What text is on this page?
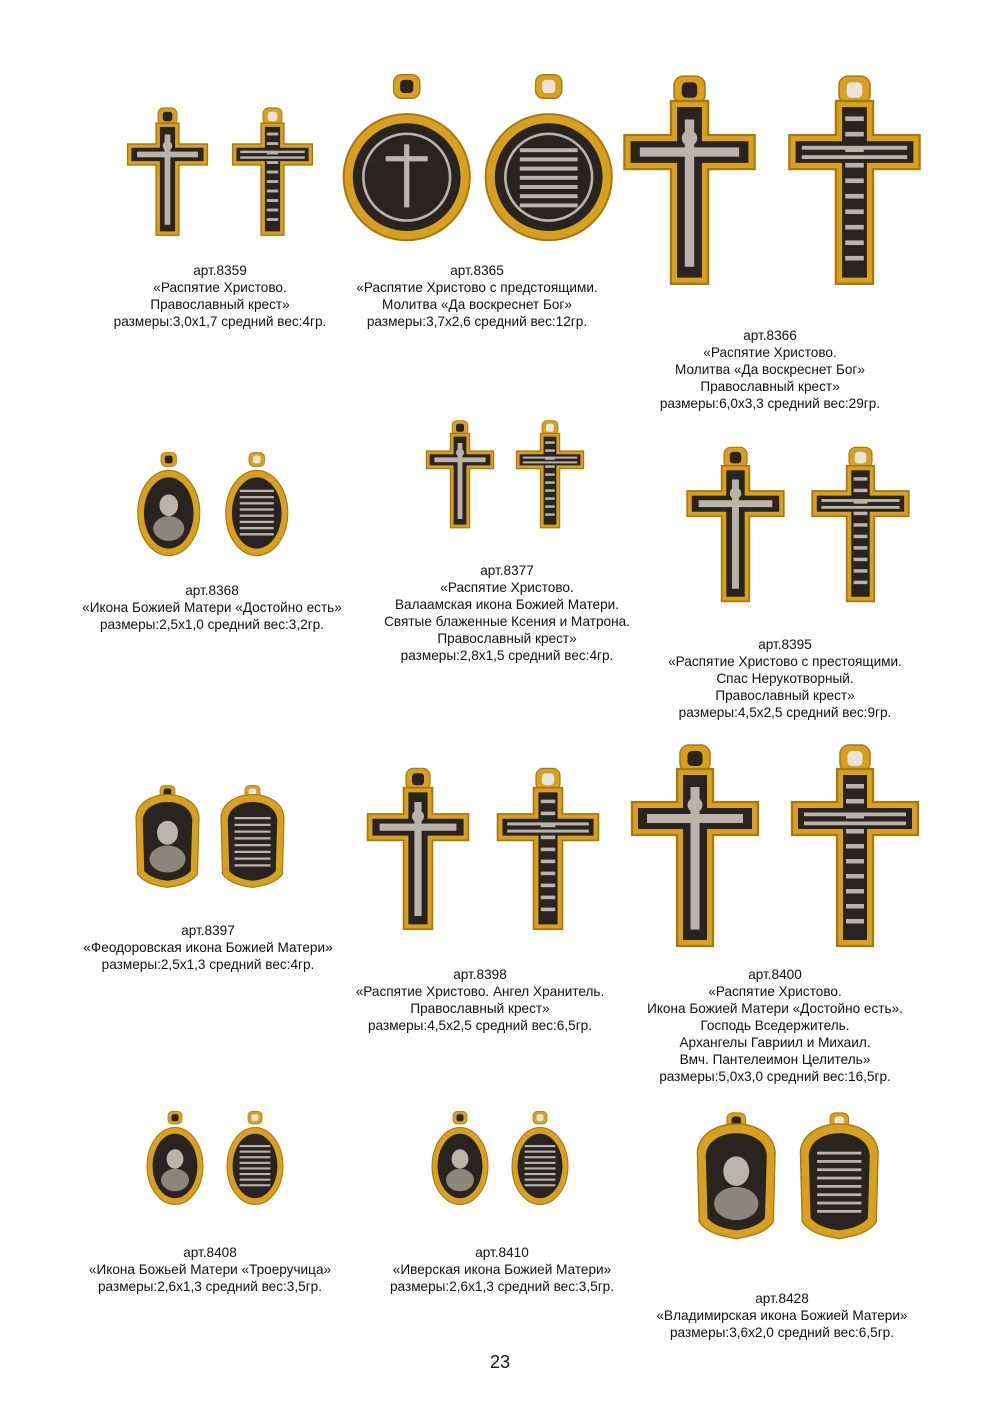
арт.8359
«Распятие Христово.
Православный крест»
размеры:3,0х1,7 средний вес:4гр.
арт.8365
«Распятие Христово с предстоящими.
Молитва «Да воскреснет Бог»
размеры:3,7х2,6 средний вес:12гр.
арт.8366
«Распятие Христово.
Молитва «Да воскреснет Бог»
Православный крест»
размеры:6,0х3,3 средний вес:29гр.
арт.8368
«Икона Божией Матери «Достойно есть»
размеры:2,5х1,0 средний вес:3,2гр.
арт.8377
«Распятие Христово.
Валаамская икона Божией Матери.
Святые блаженные Ксения и Матрона.
Православный крест»
размеры:2,8х1,5 средний вес:4гр.
арт.8395
«Распятие Христово с престоящими.
Спас Нерукотворный.
Православный крест»
размеры:4,5х2,5 средний вес:9гр.
арт.8397
«Феодоровская икона Божией Матери»
размеры:2,5х1,3 средний вес:4гр.
арт.8398
«Распятие Христово. Ангел Хранитель.
Православный крест»
размеры:4,5х2,5 средний вес:6,5гр.
арт.8400
«Распятие Христово.
Икона Божией Матери «Достойно есть».
Господь Вседержитель.
Архангелы Гавриил и Михаил.
Вмч. Пантелеимон Целитель»
размеры:5,0х3,0 средний вес:16,5гр.
арт.8408
«Икона Божьей Матери «Троеручица»
размеры:2,6х1,3 средний вес:3,5гр.
арт.8410
«Иверская икона Божией Матери»
размеры:2,6х1,3 средний вес:3,5гр.
арт.8428
«Владимирская икона Божией Матери»
размеры:3,6х2,0 средний вес:6,5гр.
23
